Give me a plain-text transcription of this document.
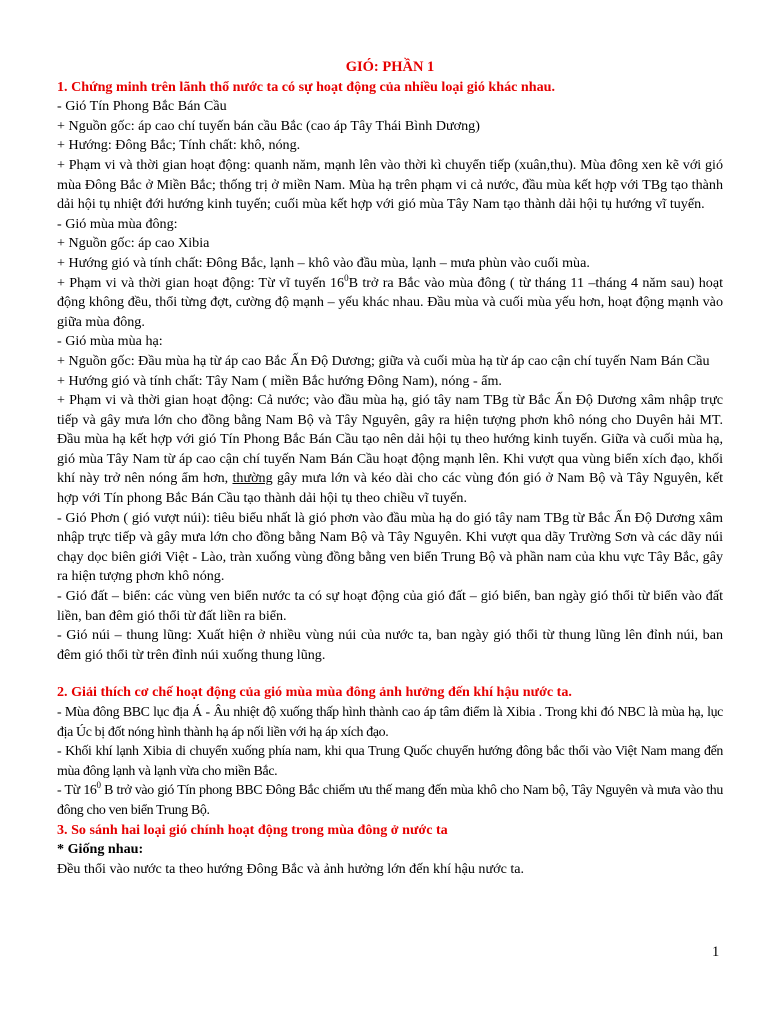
GIÓ: PHẦN 1

1. Chứng minh trên lãnh thổ nước ta có sự hoạt động của nhiều loại gió khác nhau.

- Gió Tín Phong Bắc Bán Cầu

+ Nguồn gốc: áp cao chí tuyến bán cầu Bắc (cao áp Tây Thái Bình Dương)

+ Hướng: Đông Bắc; Tính chất: khô, nóng.

+ Phạm vi và thời gian hoạt động: quanh năm, mạnh lên vào thời kì chuyển tiếp (xuân,thu). Mùa đông xen kẽ với gió mùa Đông Bắc ở Miền Bắc; thống trị ở miền Nam. Mùa hạ trên phạm vi cả nước, đầu mùa kết hợp với TBg tạo thành dải hội tụ nhiệt đới hướng kinh tuyến; cuối mùa kết hợp với gió mùa Tây Nam tạo thành dải hội tụ hướng vĩ tuyến.

- Gió mùa mùa đông:

+ Nguồn gốc: áp cao Xibia

+ Hướng gió và tính chất: Đông Bắc, lạnh – khô vào đầu mùa, lạnh – mưa phùn vào cuối mùa.

+ Phạm vi và thời gian hoạt động: Từ vĩ tuyến $16^0B$ trở ra Bắc vào mùa đông ( từ tháng 11 –tháng 4 năm sau) hoạt động không đều, thổi từng đợt, cường độ mạnh – yếu khác nhau. Đầu mùa và cuối mùa yếu hơn, hoạt động mạnh vào giữa mùa đông.

- Gió mùa mùa hạ:

+ Nguồn gốc: Đầu mùa hạ từ áp cao Bắc Ấn Độ Dương; giữa và cuối mùa hạ từ áp cao cận chí tuyến Nam Bán Cầu

+ Hướng gió và tính chất: Tây Nam ( miền Bắc hướng Đông Nam), nóng - ẩm.

+ Phạm vi và thời gian hoạt động: Cả nước; vào đầu mùa hạ, gió tây nam TBg từ Bắc Ấn Độ Dương xâm nhập trực tiếp và gây mưa lớn cho đồng bằng Nam Bộ và Tây Nguyên, gây ra hiện tượng phơn khô nóng cho Duyên hải MT. Đầu mùa hạ kết hợp với gió Tín Phong Bắc Bán Cầu tạo nên dải hội tụ theo hướng kinh tuyến. Giữa và cuối mùa hạ, gió mùa Tây Nam từ áp cao cận chí tuyến Nam Bán Cầu hoạt động mạnh lên. Khi vượt qua vùng biển xích đạo, khối khí này trở nên nóng ẩm hơn, thường gây mưa lớn và kéo dài cho các vùng đón gió ở Nam Bộ và Tây Nguyên, kết hợp với Tín phong Bắc Bán Cầu tạo thành dải hội tụ theo chiều vĩ tuyến.

- Gió Phơn ( gió vượt núi): tiêu biểu nhất là gió phơn vào đầu mùa hạ do gió tây nam TBg từ Bắc Ấn Độ Dương xâm nhập trực tiếp và gây mưa lớn cho đồng bằng Nam Bộ và Tây Nguyên. Khi vượt qua dãy Trường Sơn và các dãy núi chạy dọc biên giới Việt - Lào, tràn xuống vùng đồng bằng ven biển Trung Bộ và phần nam của khu vực Tây Bắc, gây ra hiện tượng phơn khô nóng.

- Gió đất – biển: các vùng ven biển nước ta có sự hoạt động của gió đất – gió biển, ban ngày gió thổi từ biển vào đất liền, ban đêm gió thổi từ đất liền ra biển.

- Gió núi – thung lũng: Xuất hiện ở nhiều vùng núi của nước ta, ban ngày gió thổi từ thung lũng lên đỉnh núi, ban đêm gió thổi từ trên đỉnh núi xuống thung lũng.

2. Giải thích cơ chế hoạt động của gió mùa mùa đông ảnh hưởng đến khí hậu nước ta.

- Mùa đông BBC lục địa Á - Âu nhiệt độ xuống thấp hình thành cao áp tâm điểm là Xibia . Trong khi đó NBC là mùa hạ, lục địa Úc bị đốt nóng hình thành hạ áp nối liền với hạ áp xích đạo.

- Khối khí lạnh Xibia di chuyển xuống phía nam, khi qua Trung Quốc chuyển hướng đông bắc thổi vào Việt Nam mang đến mùa đông lạnh và lạnh vừa cho miền Bắc.

- Từ $16^0$ B trở vào gió Tín phong BBC Đông Bắc chiếm ưu thế mang đến mùa khô cho Nam bộ, Tây Nguyên và mưa vào thu đông cho ven biển Trung Bộ.

3. So sánh hai loại gió chính hoạt động trong mùa đông ở nước ta

* Giống nhau:

Đều thổi vào nước ta theo hướng Đông Bắc và ảnh hưởng lớn đến khí hậu nước ta.

1
